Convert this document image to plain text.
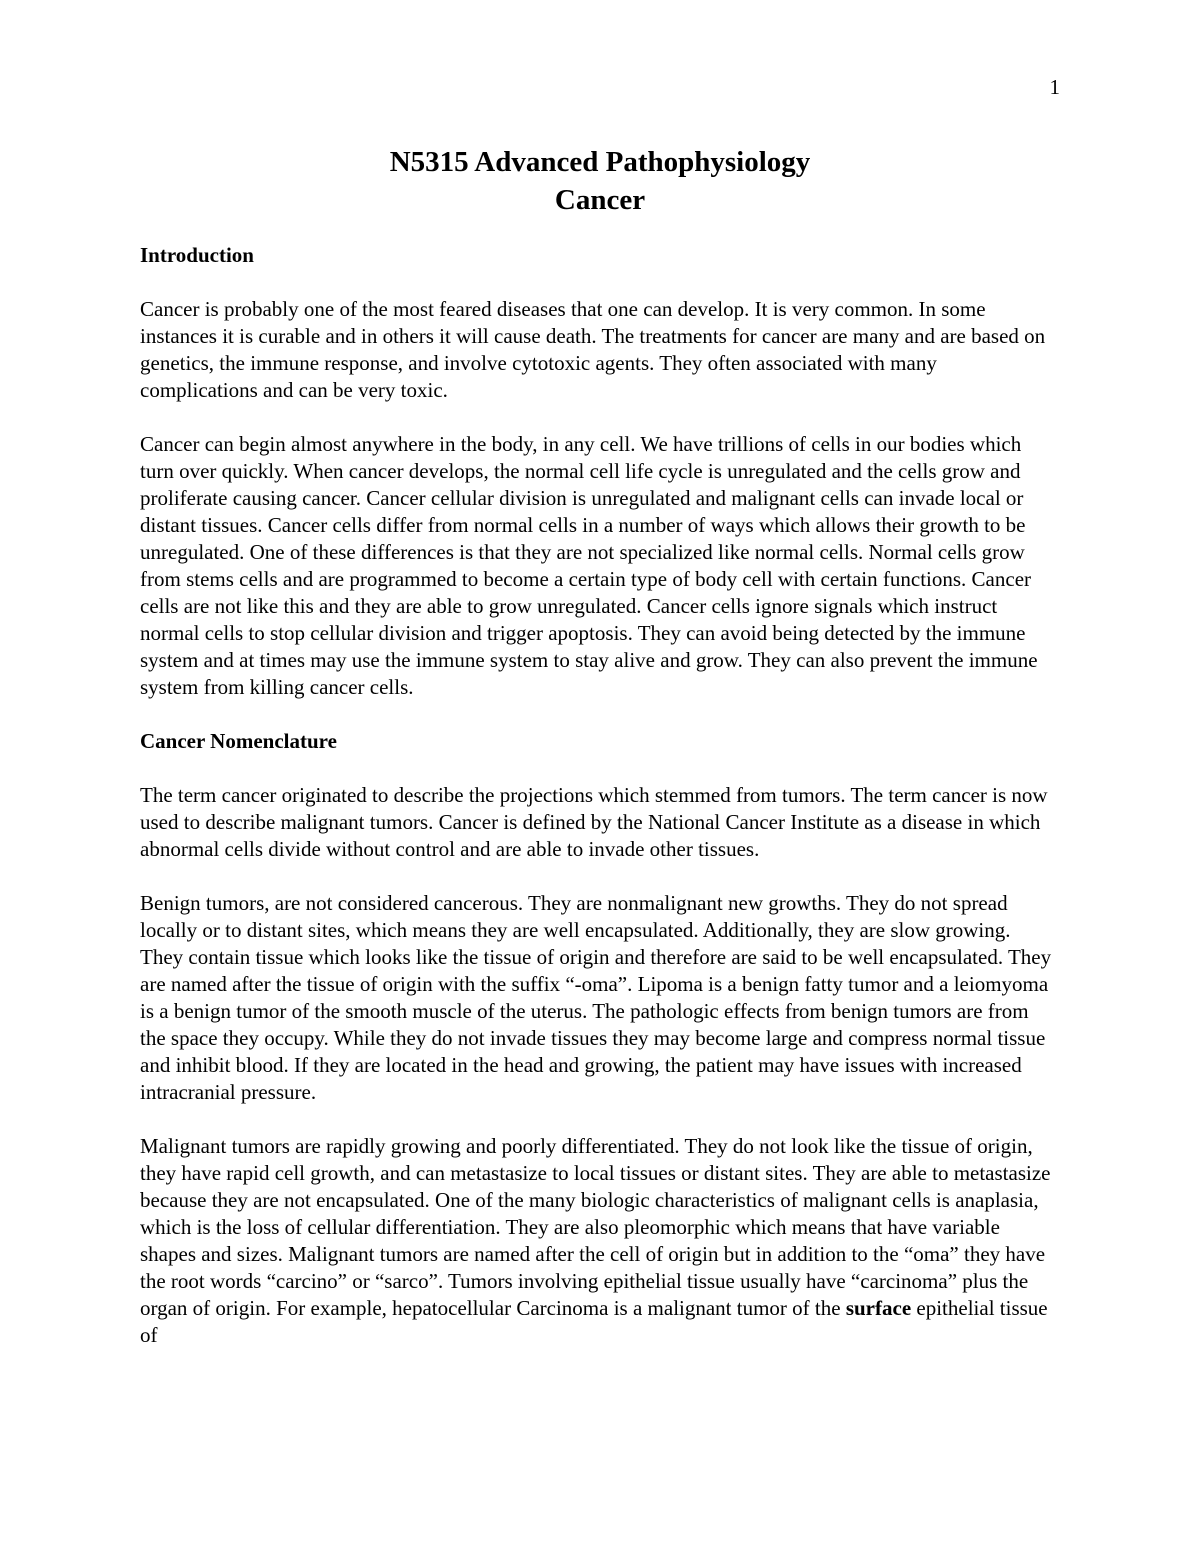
1
N5315 Advanced Pathophysiology
Cancer

Introduction

Cancer is probably one of the most feared diseases that one can develop. It is very common. In some instances it is curable and in others it will cause death. The treatments for cancer are many and are based on genetics, the immune response, and involve cytotoxic agents. They often associated with many complications and can be very toxic.

Cancer can begin almost anywhere in the body, in any cell. We have trillions of cells in our bodies which turn over quickly. When cancer develops, the normal cell life cycle is unregulated and the cells grow and proliferate causing cancer. Cancer cellular division is unregulated and malignant cells can invade local or distant tissues. Cancer cells differ from normal cells in a number of ways which allows their growth to be unregulated. One of these differences is that they are not specialized like normal cells. Normal cells grow from stems cells and are programmed to become a certain type of body cell with certain functions. Cancer cells are not like this and they are able to grow unregulated. Cancer cells ignore signals which instruct normal cells to stop cellular division and trigger apoptosis. They can avoid being detected by the immune system and at times may use the immune system to stay alive and grow. They can also prevent the immune system from killing cancer cells.

Cancer Nomenclature

The term cancer originated to describe the projections which stemmed from tumors. The term cancer is now used to describe malignant tumors. Cancer is defined by the National Cancer Institute as a disease in which abnormal cells divide without control and are able to invade other tissues.

Benign tumors, are not considered cancerous. They are nonmalignant new growths. They do not spread locally or to distant sites, which means they are well encapsulated. Additionally, they are slow growing. They contain tissue which looks like the tissue of origin and therefore are said to be well encapsulated. They are named after the tissue of origin with the suffix “-oma”. Lipoma is a benign fatty tumor and a leiomyoma is a benign tumor of the smooth muscle of the uterus. The pathologic effects from benign tumors are from the space they occupy. While they do not invade tissues they may become large and compress normal tissue and inhibit blood. If they are located in the head and growing, the patient may have issues with increased intracranial pressure.

Malignant tumors are rapidly growing and poorly differentiated. They do not look like the tissue of origin, they have rapid cell growth, and can metastasize to local tissues or distant sites. They are able to metastasize because they are not encapsulated. One of the many biologic characteristics of malignant cells is anaplasia, which is the loss of cellular differentiation. They are also pleomorphic which means that have variable shapes and sizes. Malignant tumors are named after the cell of origin but in addition to the “oma” they have the root words “carcino” or “sarco”. Tumors involving epithelial tissue usually have “carcinoma” plus the organ of origin. For example, hepatocellular Carcinoma is a malignant tumor of the surface epithelial tissue of
